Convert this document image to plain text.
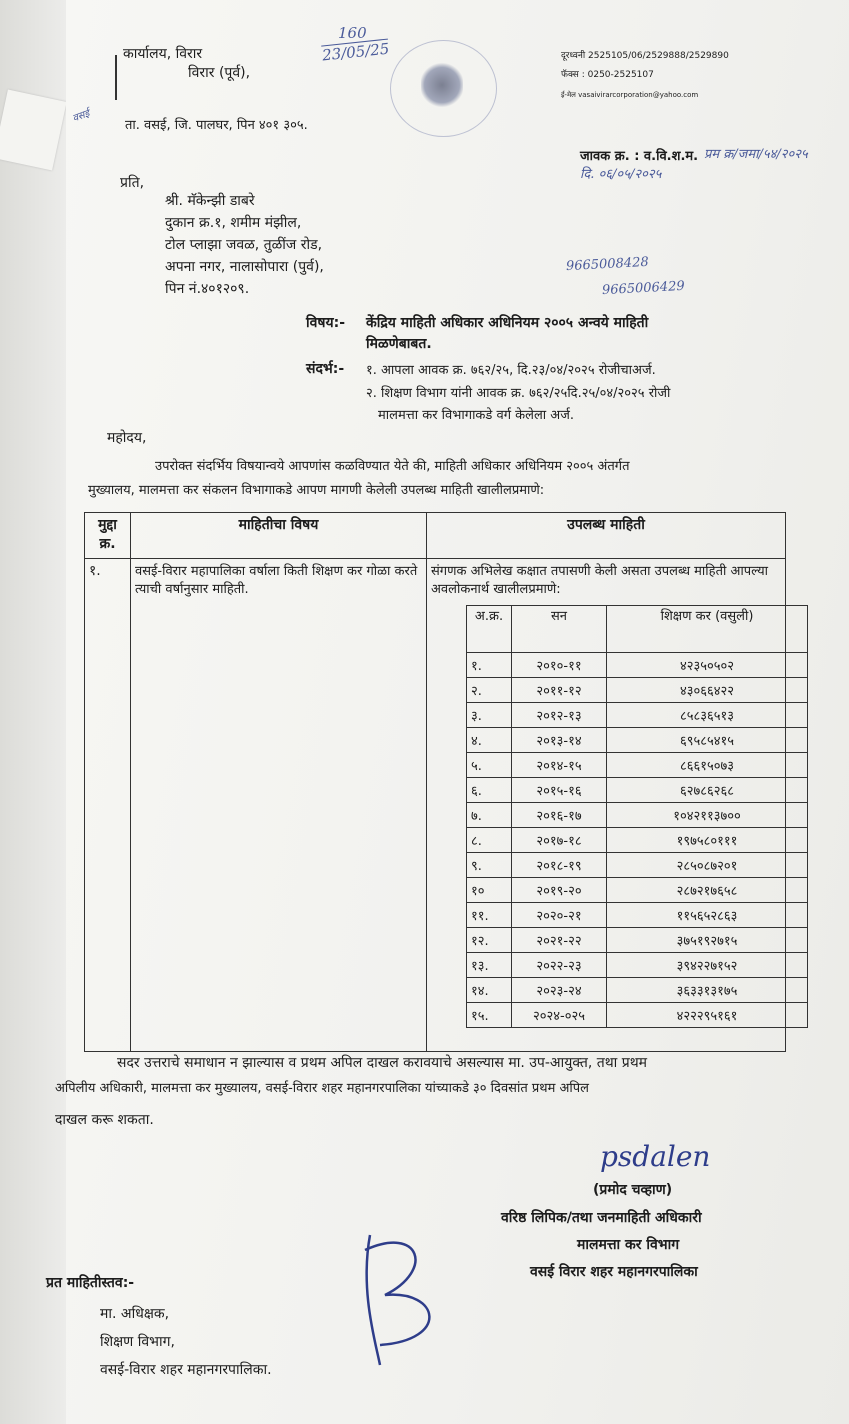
कार्यालय, विरार
विरार (पूर्व),
ता. वसई, जि. पालघर, पिन ४०१ ३०५.
वसई
160
23/05/25	दूरध्वनी 2525105/06/2529888/2529890
फॅक्स : 0250-2525107
ई-मेल vasaivirarcorporation@yahoo.com
जावक क्र. : व.वि.श.म. प्रम क्र/जमा/५४/२०२५
दि. ०६/०५/२०२५
प्रति,
श्री. मॅकेन्झी डाबरे
दुकान क्र.१, शमीम मंझील,
टोल प्लाझा जवळ, तुळींज रोड,
अपना नगर, नालासोपारा (पुर्व),
पिन नं.४०१२०९.
9665008428
9665006429
विषय:- केंद्रिय माहिती अधिकार अधिनियम २००५ अन्वये माहिती
मिळणेबाबत.
संदर्भ:- १. आपला आवक क्र. ७६२/२५, दि.२३/०४/२०२५ रोजीचाअर्ज.
२. शिक्षण विभाग यांनी आवक क्र. ७६२/२५दि.२५/०४/२०२५ रोजी
मालमत्ता कर विभागाकडे वर्ग केलेला अर्ज.
महोदय,
उपरोक्त संदर्भिय विषयान्वये आपणांस कळविण्यात येते की, माहिती अधिकार अधिनियम २००५ अंतर्गत
मुख्यालय, मालमत्ता कर संकलन विभागाकडे आपण मागणी केलेली उपलब्ध माहिती खालीलप्रमाणे:
मुद्दा क्र.	माहितीचा विषय	उपलब्ध माहिती
१.	वसई-विरार महापालिका वर्षाला किती शिक्षण कर गोळा करते त्याची वर्षानुसार माहिती.	संगणक अभिलेख कक्षात तपासणी केली असता उपलब्ध माहिती आपल्या अवलोकनार्थ खालीलप्रमाणे:
अ.क्र.	सन	शिक्षण कर (वसुली)
१.	२०१०-११	४२३५०५०२
२.	२०११-१२	४३०६६४२२
३.	२०१२-१३	८५८३६५१३
४.	२०१३-१४	६९५८५४१५
५.	२०१४-१५	८६६१५०७३
६.	२०१५-१६	६२७८६२६८
७.	२०१६-१७	१०४२११३७००
८.	२०१७-१८	१९७५८०१११
९.	२०१८-१९	२८५०८७२०१
१०	२०१९-२०	२८७२१७६५८
११.	२०२०-२१	११५६५२८६३
१२.	२०२१-२२	३७५१९२७१५
१३.	२०२२-२३	३९४२२७१५२
१४.	२०२३-२४	३६३३१३१७५
१५.	२०२४-०२५	४२२२९५१६१
सदर उत्तराचे समाधान न झाल्यास व प्रथम अपिल दाखल करावयाचे असल्यास मा. उप-आयुक्त, तथा प्रथम
अपिलीय अधिकारी, मालमत्ता कर मुख्यालय, वसई-विरार शहर महानगरपालिका यांच्याकडे ३० दिवसांत प्रथम अपिल
दाखल करू शकता.
psdalen
(प्रमोद चव्हाण)
वरिष्ठ लिपिक/तथा जनमाहिती अधिकारी
मालमत्ता कर विभाग
वसई विरार शहर महानगरपालिका
प्रत माहितीस्तव:-
मा. अधिक्षक,
शिक्षण विभाग,
वसई-विरार शहर महानगरपालिका.
